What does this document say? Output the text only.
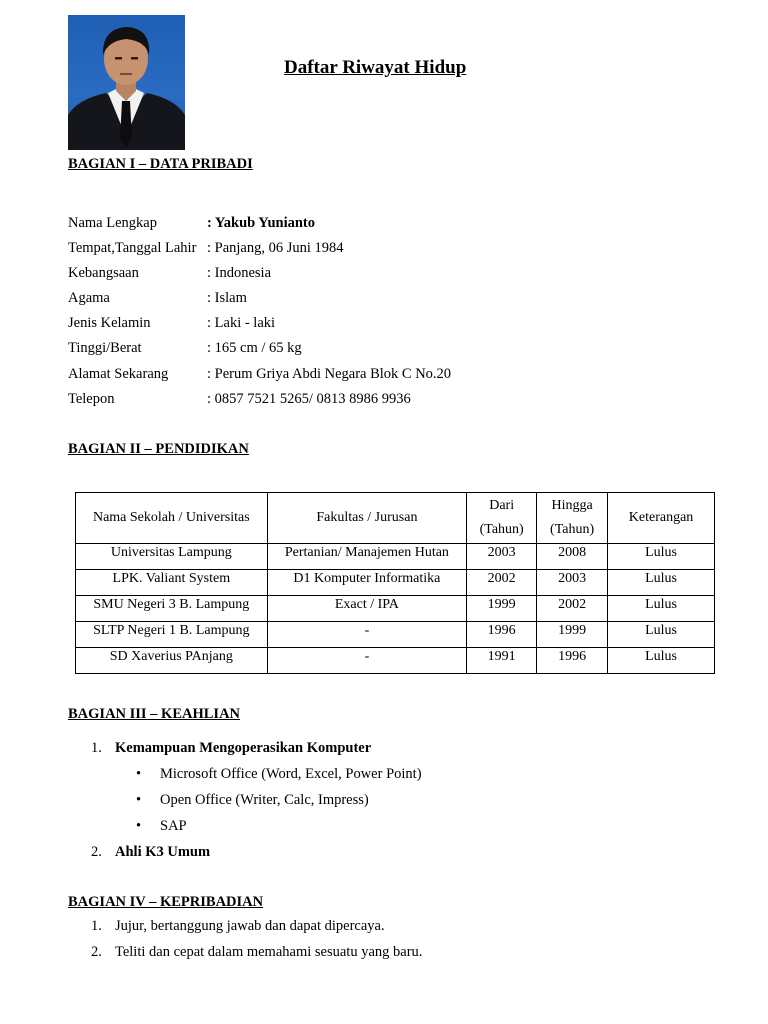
Daftar Riwayat Hidup
BAGIAN I – DATA PRIBADI
Nama Lengkap	: Yakub Yunianto
Tempat,Tanggal Lahir : Panjang, 06 Juni 1984
Kebangsaan	: Indonesia
Agama	: Islam
Jenis Kelamin	: Laki - laki
Tinggi/Berat	: 165 cm / 65 kg
Alamat Sekarang	: Perum Griya Abdi Negara Blok C No.20
Telepon	: 0857 7521 5265/ 0813 8986 9936
BAGIAN II – PENDIDIKAN
Nama Sekolah / Universitas	Fakultas / Jurusan	Dari (Tahun)	Hingga (Tahun)	Keterangan
Universitas Lampung	Pertanian/ Manajemen Hutan	2003	2008	Lulus
LPK. Valiant System	D1 Komputer Informatika	2002	2003	Lulus
SMU Negeri 3 B. Lampung	Exact / IPA	1999	2002	Lulus
SLTP Negeri 1 B. Lampung	-	1996	1999	Lulus
SD Xaverius PAnjang	-	1991	1996	Lulus
BAGIAN III – KEAHLIAN
1. Kemampuan Mengoperasikan Komputer
• Microsoft Office (Word, Excel, Power Point)
• Open Office (Writer, Calc, Impress)
• SAP
2. Ahli K3 Umum
BAGIAN IV – KEPRIBADIAN
1. Jujur, bertanggung jawab dan dapat dipercaya.
2. Teliti dan cepat dalam memahami sesuatu yang baru.
